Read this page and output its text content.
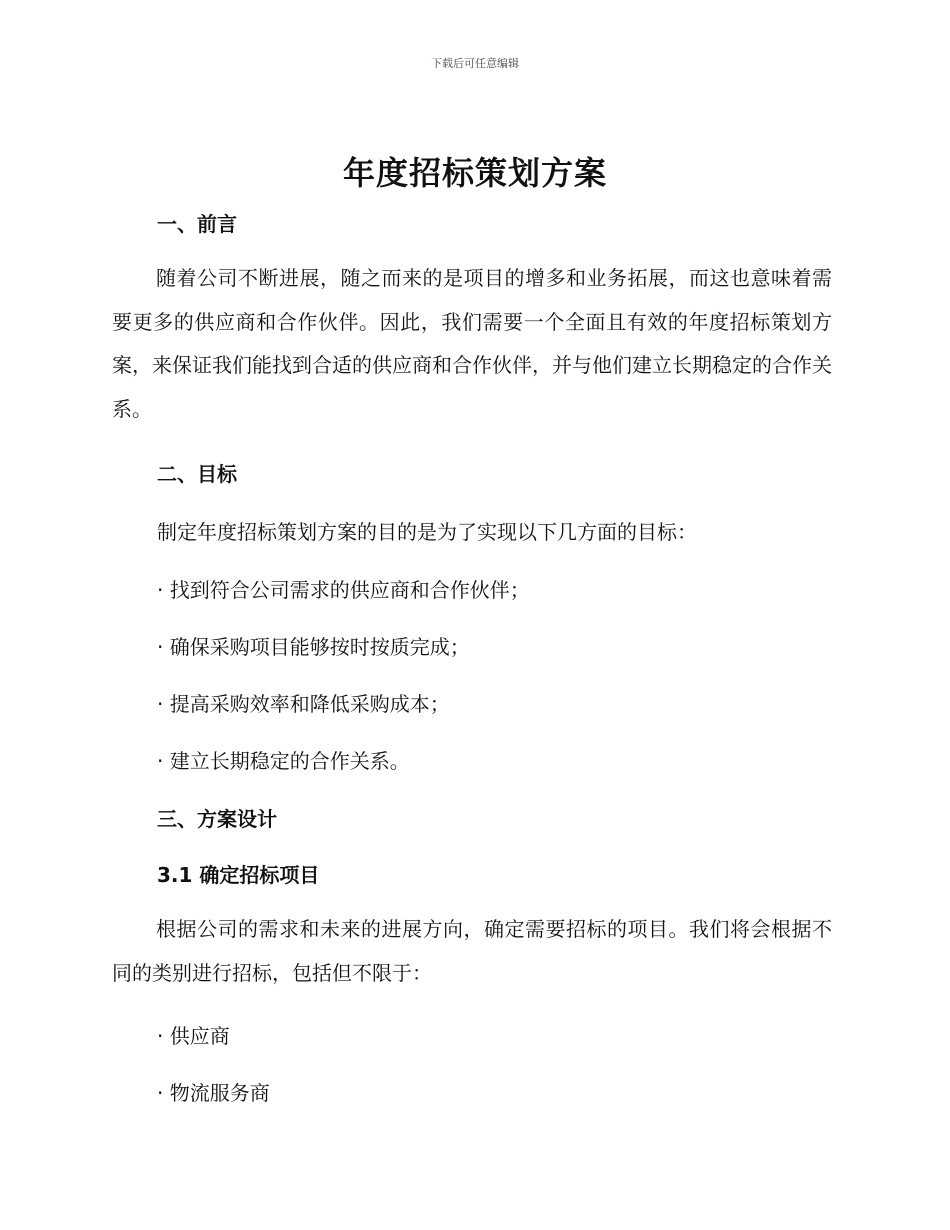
下载后可任意编辑
年度招标策划方案
一、前言
随着公司不断进展，随之而来的是项目的增多和业务拓展，而这也意味着需要更多的供应商和合作伙伴。因此，我们需要一个全面且有效的年度招标策划方案，来保证我们能找到合适的供应商和合作伙伴，并与他们建立长期稳定的合作关系。
二、目标
制定年度招标策划方案的目的是为了实现以下几方面的目标：
· 找到符合公司需求的供应商和合作伙伴；
· 确保采购项目能够按时按质完成；
· 提高采购效率和降低采购成本；
· 建立长期稳定的合作关系。
三、方案设计
3.1 确定招标项目
根据公司的需求和未来的进展方向，确定需要招标的项目。我们将会根据不同的类别进行招标，包括但不限于：
· 供应商
· 物流服务商
